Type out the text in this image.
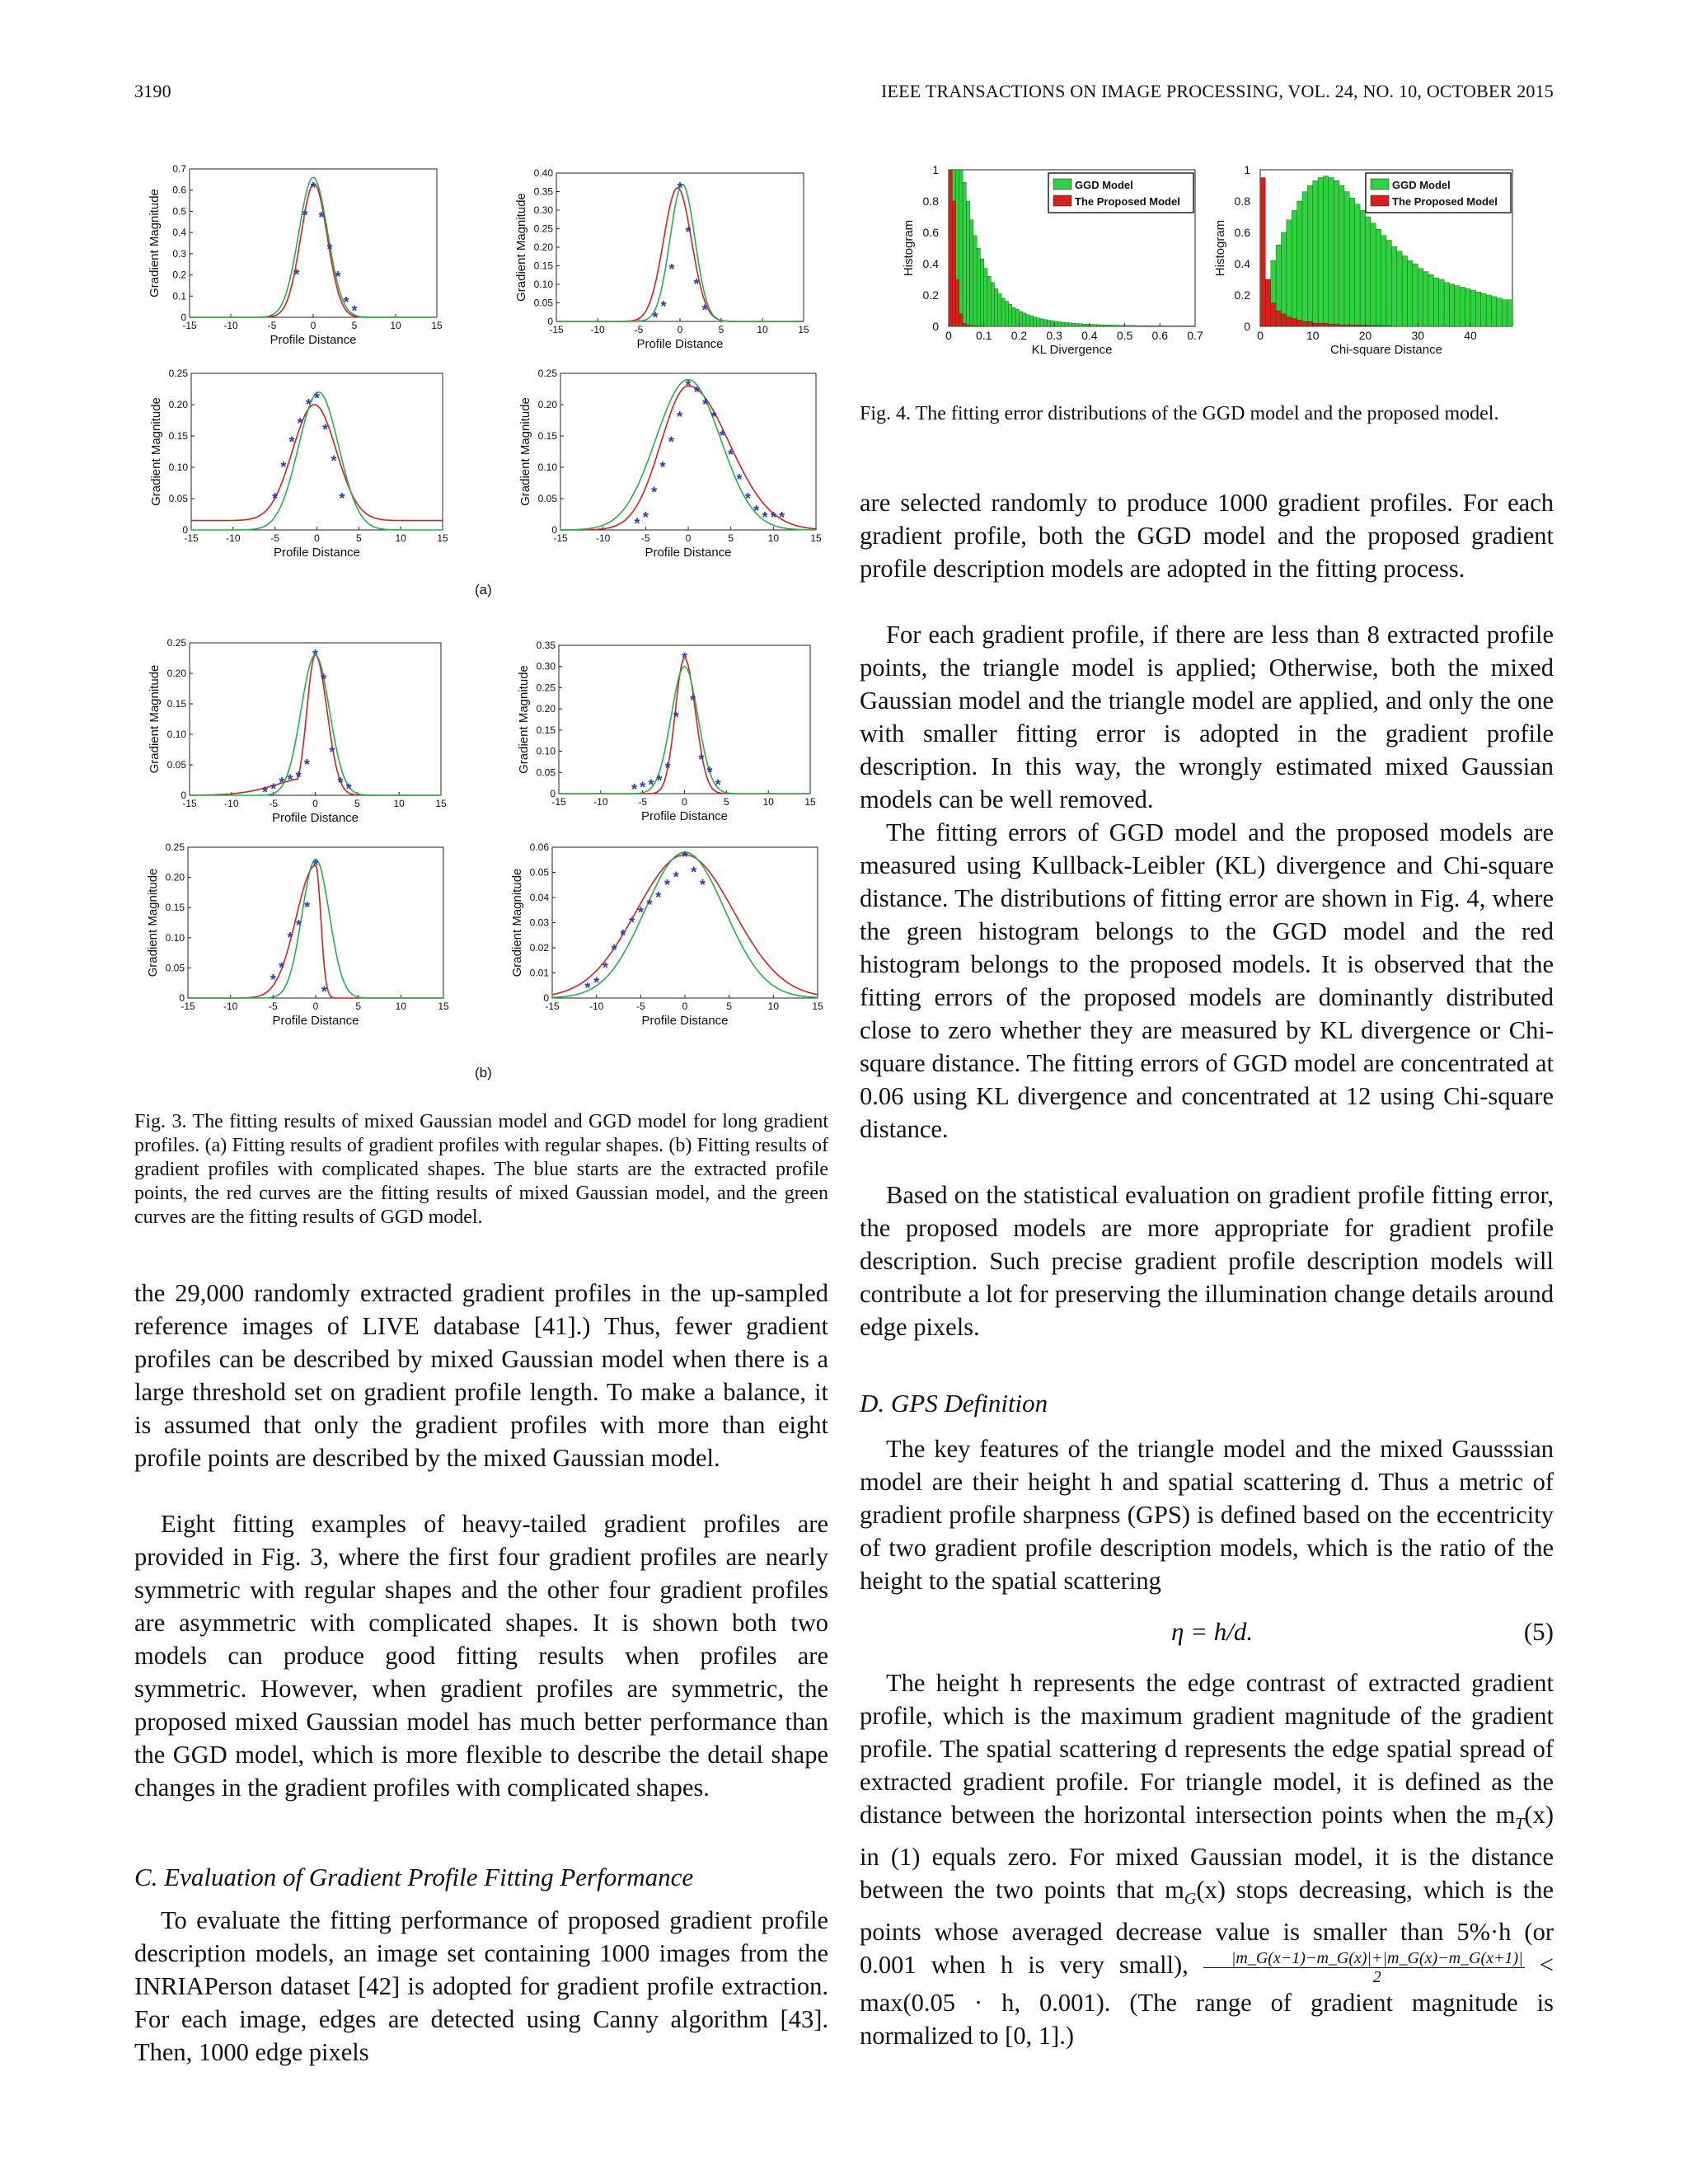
3190	IEEE TRANSACTIONS ON IMAGE PROCESSING, VOL. 24, NO. 10, OCTOBER 2015
-15	-10	-5	0	5	10	15
0
0.1
0.2
0.3
0.4
0.5
0.6
0.7
Profile Distance
Gradient Magnitude	*
*
*
*
*
*
*
*
-15	-10	-5	0	5	10	15
0
0.05
0.10
0.15
0.20
0.25
0.30
0.35
0.40
Profile Distance
Gradient Magnitude
*
*
*
*
*
*
*
-15	-10	-5	0	5	10	15
0
0.05
0.10
0.15
0.20
0.25
Profile Distance
Gradient Magnitude	*
*
*
*
* *
*
*
*
-15	-10	-5	0	5	10	15
0
0.05
0.10
0.15
0.20
0.25
Profile Distance
Gradient Magnitude
* *
*
*
*
*
* *
*
*
*
*
*
*
* * * *
-15	-10	-5	0	5	10	15
0
0.05
0.10
0.15
0.20
0.25
Profile Distance
Gradient Magnitude
* * * * *
*
*
*
*
* *
-15	-10	-5	0	5	10	15
0
0.05
0.10
0.15
0.20
0.25
0.30
0.35
Profile Distance
Gradient Magnitude
* * * *
*
*
*
*
*
*
*
-15	-10	-5	0	5	10	15
0
0.05
0.10
0.15
0.20
0.25
Profile Distance
Gradient Magnitude
*
*
*
*
*
*
*
-15	-10	-5	0	5	10	15
0
0.01
0.02
0.03
0.04
0.05
0.06
Profile Distance
Gradient Magnitude
* *
*
*
*
*
* * *
* *
*
*
*
(a)
(b)

Fig. 3. The fitting results of mixed Gaussian model and GGD model for long gradient profiles. (a) Fitting results of gradient profiles with regular shapes. (b) Fitting results of gradient profiles with complicated shapes. The blue starts are the extracted profile points, the red curves are the fitting results of mixed Gaussian model, and the green curves are the fitting results of GGD model.

0 0.1 0.2 0.3 0.4 0.5 0.6 0.7
0
0.2
0.4
0.6
0.8
1
KL Divergence
Histogram
GGD Model
The Proposed Model
0	10	20	30	40
0
0.2
0.4
0.6
0.8
1
Chi-square Distance
Histogram
GGD Model
The Proposed Model

Fig. 4. The fitting error distributions of the GGD model and the proposed model.

the 29,000 randomly extracted gradient profiles in the up-sampled reference images of LIVE database [41].) Thus, fewer gradient profiles can be described by mixed Gaussian model when there is a large threshold set on gradient profile length. To make a balance, it is assumed that only the gradient profiles with more than eight profile points are described by the mixed Gaussian model.

Eight fitting examples of heavy-tailed gradient profiles are provided in Fig. 3, where the first four gradient profiles are nearly symmetric with regular shapes and the other four gradient profiles are asymmetric with complicated shapes. It is shown both two models can produce good fitting results when profiles are symmetric. However, when gradient profiles are symmetric, the proposed mixed Gaussian model has much better performance than the GGD model, which is more flexible to describe the detail shape changes in the gradient profiles with complicated shapes.

C. Evaluation of Gradient Profile Fitting Performance

To evaluate the fitting performance of proposed gradient profile description models, an image set containing 1000 images from the INRIAPerson dataset [42] is adopted for gradient profile extraction. For each image, edges are detected using Canny algorithm [43]. Then, 1000 edge pixels

are selected randomly to produce 1000 gradient profiles. For each gradient profile, both the GGD model and the proposed gradient profile description models are adopted in the fitting process.

For each gradient profile, if there are less than 8 extracted profile points, the triangle model is applied; Otherwise, both the mixed Gaussian model and the triangle model are applied, and only the one with smaller fitting error is adopted in the gradient profile description. In this way, the wrongly estimated mixed Gaussian models can be well removed.

The fitting errors of GGD model and the proposed models are measured using Kullback-Leibler (KL) divergence and Chi-square distance. The distributions of fitting error are shown in Fig. 4, where the green histogram belongs to the GGD model and the red histogram belongs to the proposed models. It is observed that the fitting errors of the proposed models are dominantly distributed close to zero whether they are measured by KL divergence or Chi-square distance. The fitting errors of GGD model are concentrated at 0.06 using KL divergence and concentrated at 12 using Chi-square distance.

Based on the statistical evaluation on gradient profile fitting error, the proposed models are more appropriate for gradient profile description. Such precise gradient profile description models will contribute a lot for preserving the illumination change details around edge pixels.

D. GPS Definition

The key features of the triangle model and the mixed Gausssian model are their height h and spatial scattering d. Thus a metric of gradient profile sharpness (GPS) is defined based on the eccentricity of two gradient profile description models, which is the ratio of the height to the spatial scattering

η = h/d.	(5)

The height h represents the edge contrast of extracted gradient profile, which is the maximum gradient magnitude of the gradient profile. The spatial scattering d represents the edge spatial spread of extracted gradient profile. For triangle model, it is defined as the distance between the horizontal intersection points when the $m_T(x)$ in (1) equals zero. For mixed Gaussian model, it is the distance between the two points that $m_G(x)$ stops decreasing, which is the points whose averaged decrease value is smaller than 5%·h (or 0.001 when h is very small), $\frac{|m\_G(x-1)-m\_G(x)|+|m\_G(x)-m\_G(x+1)|}{2} < \max(0.05 \cdot h$, 0.001). (The range of gradient magnitude is normalized to [0, 1].)
